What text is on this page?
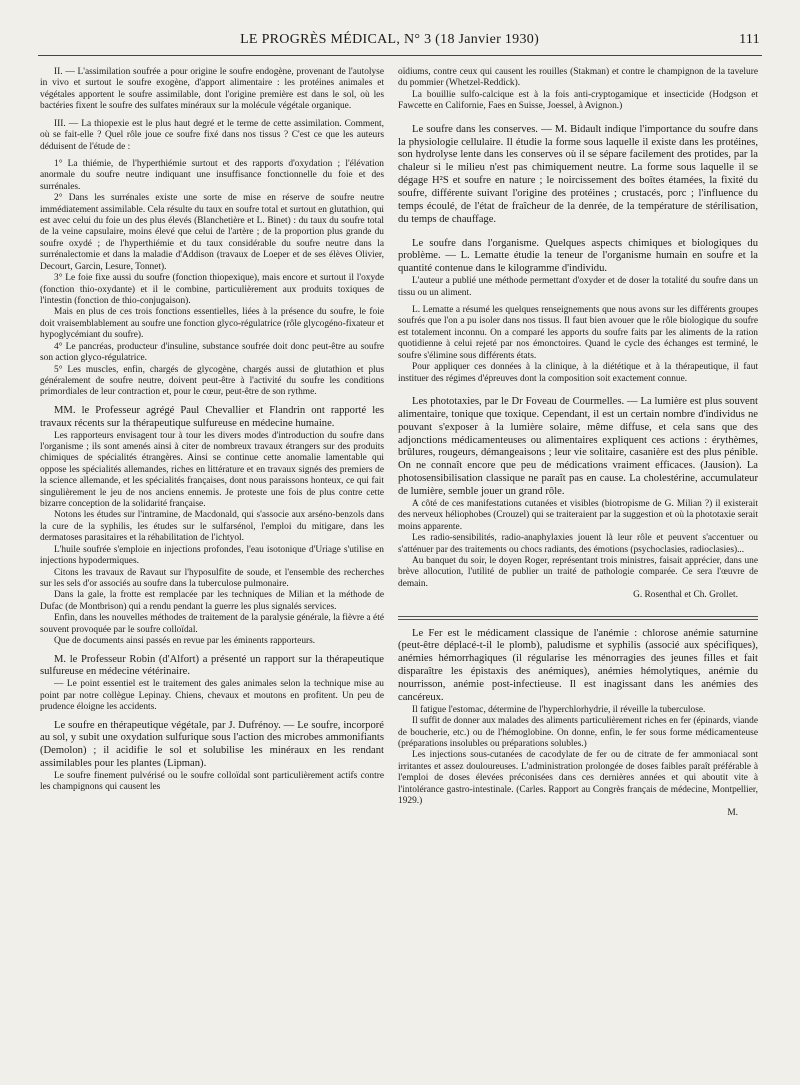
LE PROGRÈS MÉDICAL, N° 3 (18 Janvier 1930)	111

II. — L'assimilation soufrée a pour origine le soufre endogène, provenant de l'autolyse in vivo et surtout le soufre exogène, d'apport alimentaire : les protéines animales et végétales apportent le soufre assimilable, dont l'origine première est dans le sol, où les bactéries fixent le soufre des sulfates minéraux sur la molécule végétale organique.

III. — La thiopexie est le plus haut degré et le terme de cette assimilation. Comment, où se fait-elle ? Quel rôle joue ce soufre fixé dans nos tissus ? C'est ce que les auteurs déduisent de l'étude de :

1° La thiémie, de l'hyperthiémie surtout et des rapports d'oxydation ; l'élévation anormale du soufre neutre indiquant une insuffisance fonctionnelle du foie et des surrénales.

2° Dans les surrénales existe une sorte de mise en réserve de soufre neutre immédiatement assimilable. Cela résulte du taux en soufre total et surtout en glutathion, qui est avec celui du foie un des plus élevés (Blanchetière et L. Binet) : du taux du soufre total de la veine capsulaire, moins élevé que celui de l'artère ; de la proportion plus grande du soufre oxydé ; de l'hyperthiémie et du taux considérable du soufre neutre dans la surrénalectomie et dans la maladie d'Addison (travaux de Loeper et de ses élèves Olivier, Decourt, Garcin, Lesure, Tonnet).

3° Le foie fixe aussi du soufre (fonction thiopexique), mais encore et surtout il l'oxyde (fonction thio-oxydante) et il le combine, particulièrement aux produits toxiques de l'intestin (fonction de thio-conjugaison).

Mais en plus de ces trois fonctions essentielles, liées à la présence du soufre, le foie doit vraisemblablement au soufre une fonction glyco-régulatrice (rôle glycogéno-fixateur et hypoglycémiant du soufre).

4° Le pancréas, producteur d'insuline, substance soufrée doit donc peut-être au soufre son action glyco-régulatrice.

5° Les muscles, enfin, chargés de glycogène, chargés aussi de glutathion et plus généralement de soufre neutre, doivent peut-être à l'activité du soufre les conditions primordiales de leur contraction et, pour le cœur, peut-être de son rythme.

MM. le Professeur agrégé Paul Chevallier et Flandrin ont rapporté les travaux récents sur la thérapeutique sulfureuse en médecine humaine.

Les rapporteurs envisagent tour à tour les divers modes d'introduction du soufre dans l'organisme ; ils sont amenés ainsi à citer de nombreux travaux étrangers sur des produits chimiques de spécialités étrangères. Ainsi se continue cette anomalie lamentable qui oppose les spécialités allemandes, riches en littérature et en travaux signés des premiers de la science allemande, et les spécialités françaises, dont nous paraissons honteux, ce qui fait singulièrement le jeu de nos anciens ennemis. Je proteste une fois de plus contre cette bizarre conception de la solidarité française.

Notons les études sur l'intramine, de Macdonald, qui s'associe aux arséno-benzols dans la cure de la syphilis, les études sur le sulfarsénol, l'emploi du mitigare, dans les dermatoses parasitaires et la réhabilitation de l'ichtyol.

L'huile soufrée s'emploie en injections profondes, l'eau isotonique d'Uriage s'utilise en injections hypodermiques.

Citons les travaux de Ravaut sur l'hyposulfite de soude, et l'ensemble des recherches sur les sels d'or associés au soufre dans la tuberculose pulmonaire.

Dans la gale, la frotte est remplacée par les techniques de Milian et la méthode de Dufac (de Montbrison) qui a rendu pendant la guerre les plus signalés services.

Enfin, dans les nouvelles méthodes de traitement de la paralysie générale, la fièvre a été souvent provoquée par le soufre colloïdal.

Que de documents ainsi passés en revue par les éminents rapporteurs.

M. le Professeur Robin (d'Alfort) a présenté un rapport sur la thérapeutique sulfureuse en médecine vétérinaire.

— Le point essentiel est le traitement des gales animales selon la technique mise au point par notre collègue Lepinay. Chiens, chevaux et moutons en profitent. Un peu de prudence éloigne les accidents.

Le soufre en thérapeutique végétale, par J. Dufrénoy. — Le soufre, incorporé au sol, y subit une oxydation sulfurique sous l'action des microbes ammonifiants (Demolon) ; il acidifie le sol et solubilise les minéraux en les rendant assimilables pour les plantes (Lipman).

Le soufre finement pulvérisé ou le soufre colloïdal sont particulièrement actifs contre les champignons qui causent les

oïdiums, contre ceux qui causent les rouilles (Stakman) et contre le champignon de la tavelure du pommier (Whetzel-Reddick).

La bouillie sulfo-calcique est à la fois anti-cryptogamique et insecticide (Hodgson et Fawcette en Californie, Faes en Suisse, Joessel, à Avignon.)

Le soufre dans les conserves. — M. Bidault indique l'importance du soufre dans la physiologie cellulaire. Il étudie la forme sous laquelle il existe dans les protéines, son hydrolyse lente dans les conserves où il se sépare facilement des protides, par la chaleur si le milieu n'est pas chimiquement neutre. La forme sous laquelle il se dégage H²S et soufre en nature ; le noircissement des boîtes étamées, la fixité du soufre, différente suivant l'origine des protéines ; crustacés, porc ; l'influence du temps écoulé, de l'état de fraîcheur de la denrée, de la température de stérilisation, du temps de chauffage.

Le soufre dans l'organisme. Quelques aspects chimiques et biologiques du problème. — L. Lematte étudie la teneur de l'organisme humain en soufre et la quantité contenue dans le kilogramme d'individu.

L'auteur a publié une méthode permettant d'oxyder et de doser la totalité du soufre dans un tissu ou un aliment.

L. Lematte a résumé les quelques renseignements que nous avons sur les différents groupes soufrés que l'on a pu isoler dans nos tissus. Il faut bien avouer que le rôle biologique du soufre est totalement inconnu. On a comparé les apports du soufre faits par les aliments de la ration quotidienne à celui rejeté par nos émonctoires. Quand le cycle des échanges est terminé, le soufre s'élimine sous différents états.

Pour appliquer ces données à la clinique, à la diététique et à la thérapeutique, il faut instituer des régimes d'épreuves dont la composition soit exactement connue.

Les phototaxies, par le Dr Foveau de Courmelles. — La lumière est plus souvent alimentaire, tonique que toxique. Cependant, il est un certain nombre d'individus ne pouvant s'exposer à la lumière solaire, même diffuse, et cela sans que des adjonctions médicamenteuses ou alimentaires expliquent ces actions : érythèmes, brûlures, rougeurs, démangeaisons ; leur vie solitaire, casanière est des plus pénible. On ne connaît encore que peu de médications vraiment efficaces. (Jausion). La photosensibilisation classique ne paraît pas en cause. La cholestérine, accumulateur de lumière, semble jouer un grand rôle.

A côté de ces manifestations cutanées et visibles (biotropisme de G. Milian ?) il existerait des nerveux héliophobes (Crouzel) qui se traiteraient par la suggestion et où la phototaxie serait moins apparente.

Les radio-sensibilités, radio-anaphylaxies jouent là leur rôle et peuvent s'accentuer ou s'atténuer par des traitements ou chocs radiants, des émotions (psychoclasies, radioclasies)...

Au banquet du soir, le doyen Roger, représentant trois ministres, faisait apprécier, dans une brève allocution, l'utilité de publier un traité de pathologie comparée. Ce sera l'œuvre de demain.

G. Rosenthal et Ch. Grollet.

Le Fer est le médicament classique de l'anémie : chlorose anémie saturnine (peut-être déplacé-t-il le plomb), paludisme et syphilis (associé aux spécifiques), anémies hémorrhagiques (il régularise les ménorragies des jeunes filles et fait disparaître les épistaxis des anémiques), anémies hémolytiques, anémie du nourrisson, anémie post-infectieuse. Il est inagissant dans les anémies des cancéreux.

Il fatigue l'estomac, détermine de l'hyperchlorhydrie, il réveille la tuberculose.

Il suffit de donner aux malades des aliments particulièrement riches en fer (épinards, viande de boucherie, etc.) ou de l'hémoglobine. On donne, enfin, le fer sous forme médicamenteuse (préparations insolubles ou préparations solubles.)

Les injections sous-cutanées de cacodylate de fer ou de citrate de fer ammoniacal sont irritantes et assez douloureuses. L'administration prolongée de doses faibles paraît préférable à l'emploi de doses élevées préconisées dans ces dernières années et qui aboutit vite à l'intolérance gastro-intestinale. (Carles. Rapport au Congrès français de médecine, Montpellier, 1929.)

M.
